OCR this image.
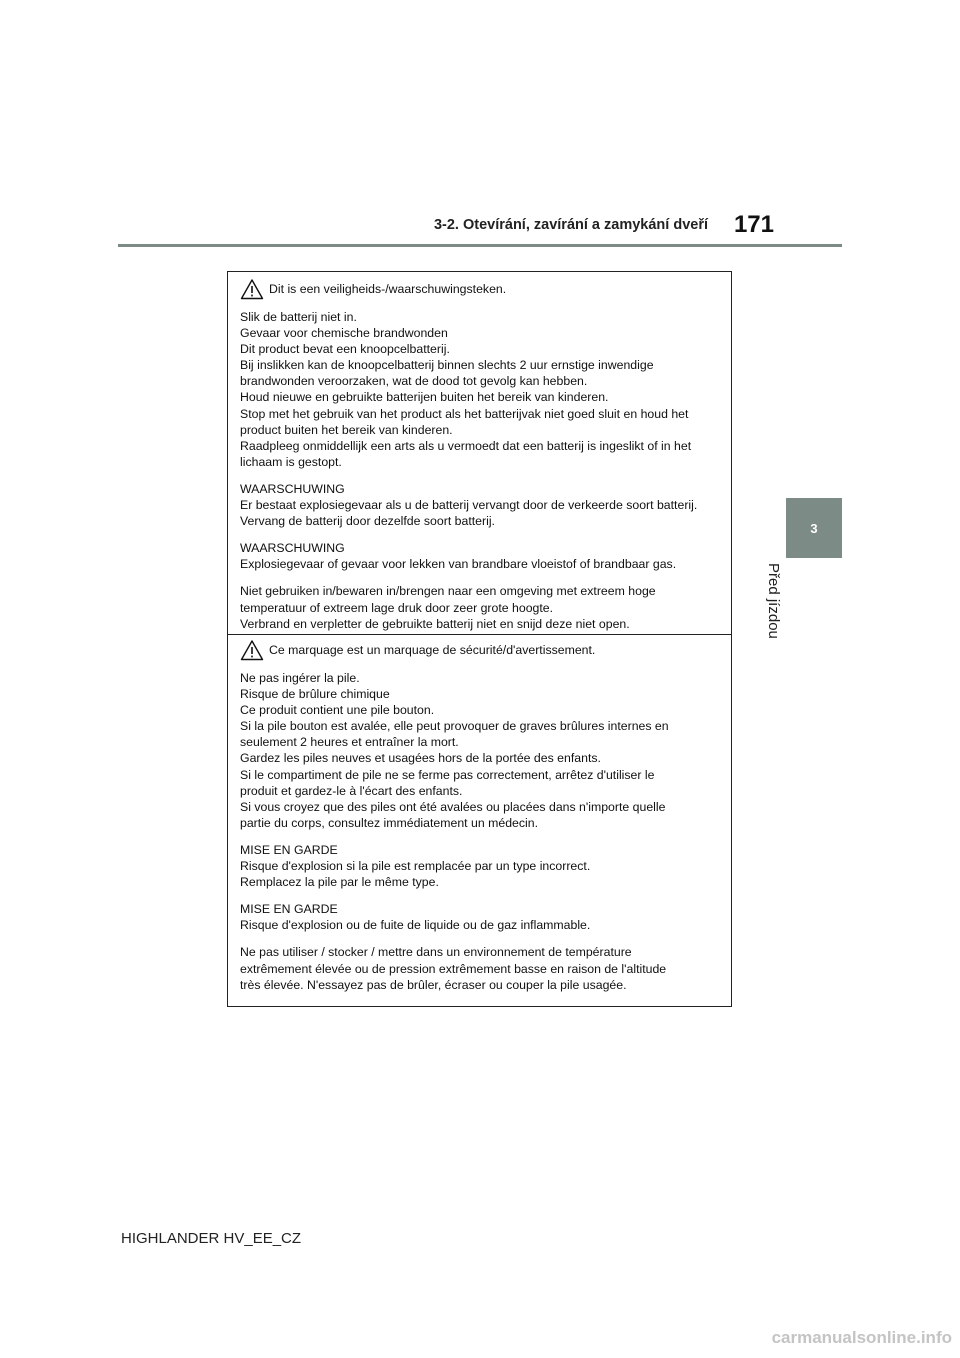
3-2. Otevírání, zavírání a zamykání dveří 171
3
Před jízdou
Dit is een veiligheids-/waarschuwingsteken.
Slik de batterij niet in.
Gevaar voor chemische brandwonden
Dit product bevat een knoopcelbatterij.
Bij inslikken kan de knoopcelbatterij binnen slechts 2 uur ernstige inwendige
brandwonden veroorzaken, wat de dood tot gevolg kan hebben.
Houd nieuwe en gebruikte batterijen buiten het bereik van kinderen.
Stop met het gebruik van het product als het batterijvak niet goed sluit en houd het
product buiten het bereik van kinderen.
Raadpleeg onmiddellijk een arts als u vermoedt dat een batterij is ingeslikt of in het
lichaam is gestopt.
WAARSCHUWING
Er bestaat explosiegevaar als u de batterij vervangt door de verkeerde soort batterij.
Vervang de batterij door dezelfde soort batterij.
WAARSCHUWING
Explosiegevaar of gevaar voor lekken van brandbare vloeistof of brandbaar gas.
Niet gebruiken in/bewaren in/brengen naar een omgeving met extreem hoge
temperatuur of extreem lage druk door zeer grote hoogte.
Verbrand en verpletter de gebruikte batterij niet en snijd deze niet open.
Ce marquage est un marquage de sécurité/d'avertissement.
Ne pas ingérer la pile.
Risque de brûlure chimique
Ce produit contient une pile bouton.
Si la pile bouton est avalée, elle peut provoquer de graves brûlures internes en
seulement 2 heures et entraîner la mort.
Gardez les piles neuves et usagées hors de la portée des enfants.
Si le compartiment de pile ne se ferme pas correctement, arrêtez d'utiliser le
produit et gardez-le à l'écart des enfants.
Si vous croyez que des piles ont été avalées ou placées dans n'importe quelle
partie du corps, consultez immédiatement un médecin.
MISE EN GARDE
Risque d'explosion si la pile est remplacée par un type incorrect.
Remplacez la pile par le même type.
MISE EN GARDE
Risque d'explosion ou de fuite de liquide ou de gaz inflammable.
Ne pas utiliser / stocker / mettre dans un environnement de température
extrêmement élevée ou de pression extrêmement basse en raison de l'altitude
très élevée. N'essayez pas de brûler, écraser ou couper la pile usagée.
HIGHLANDER HV_EE_CZ
carmanualsonline.info
